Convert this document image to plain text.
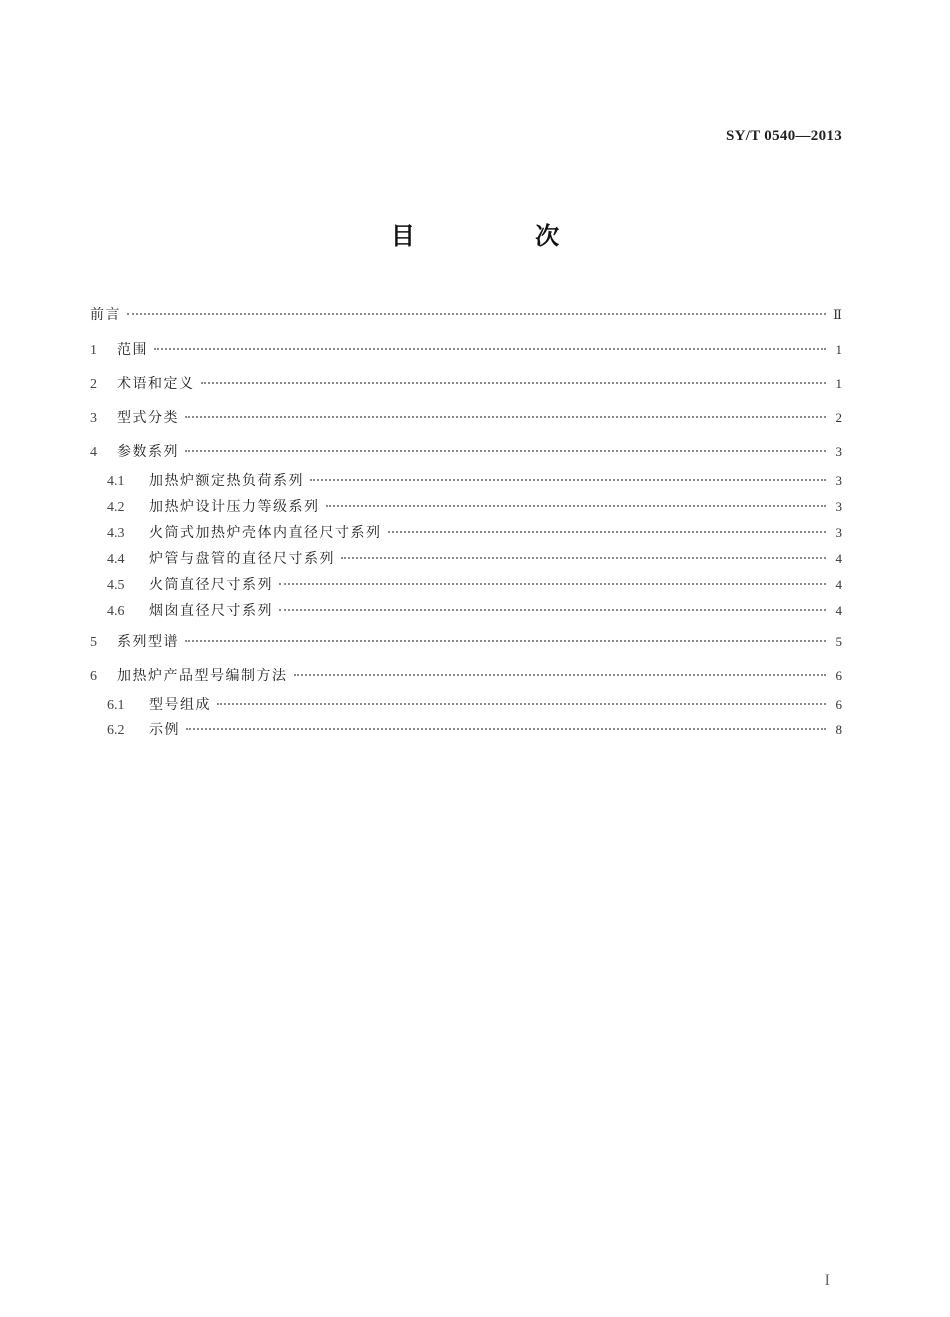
SY/T 0540—2013
目 次
前言	Ⅱ
1	范围	1
2	术语和定义	1
3	型式分类	2
4	参数系列	3
4.1	加热炉额定热负荷系列	3
4.2	加热炉设计压力等级系列	3
4.3	火筒式加热炉壳体内直径尺寸系列	3
4.4	炉管与盘管的直径尺寸系列	4
4.5	火筒直径尺寸系列	4
4.6	烟囱直径尺寸系列	4
5	系列型谱	5
6	加热炉产品型号编制方法	6
6.1	型号组成	6
6.2	示例	8
I
